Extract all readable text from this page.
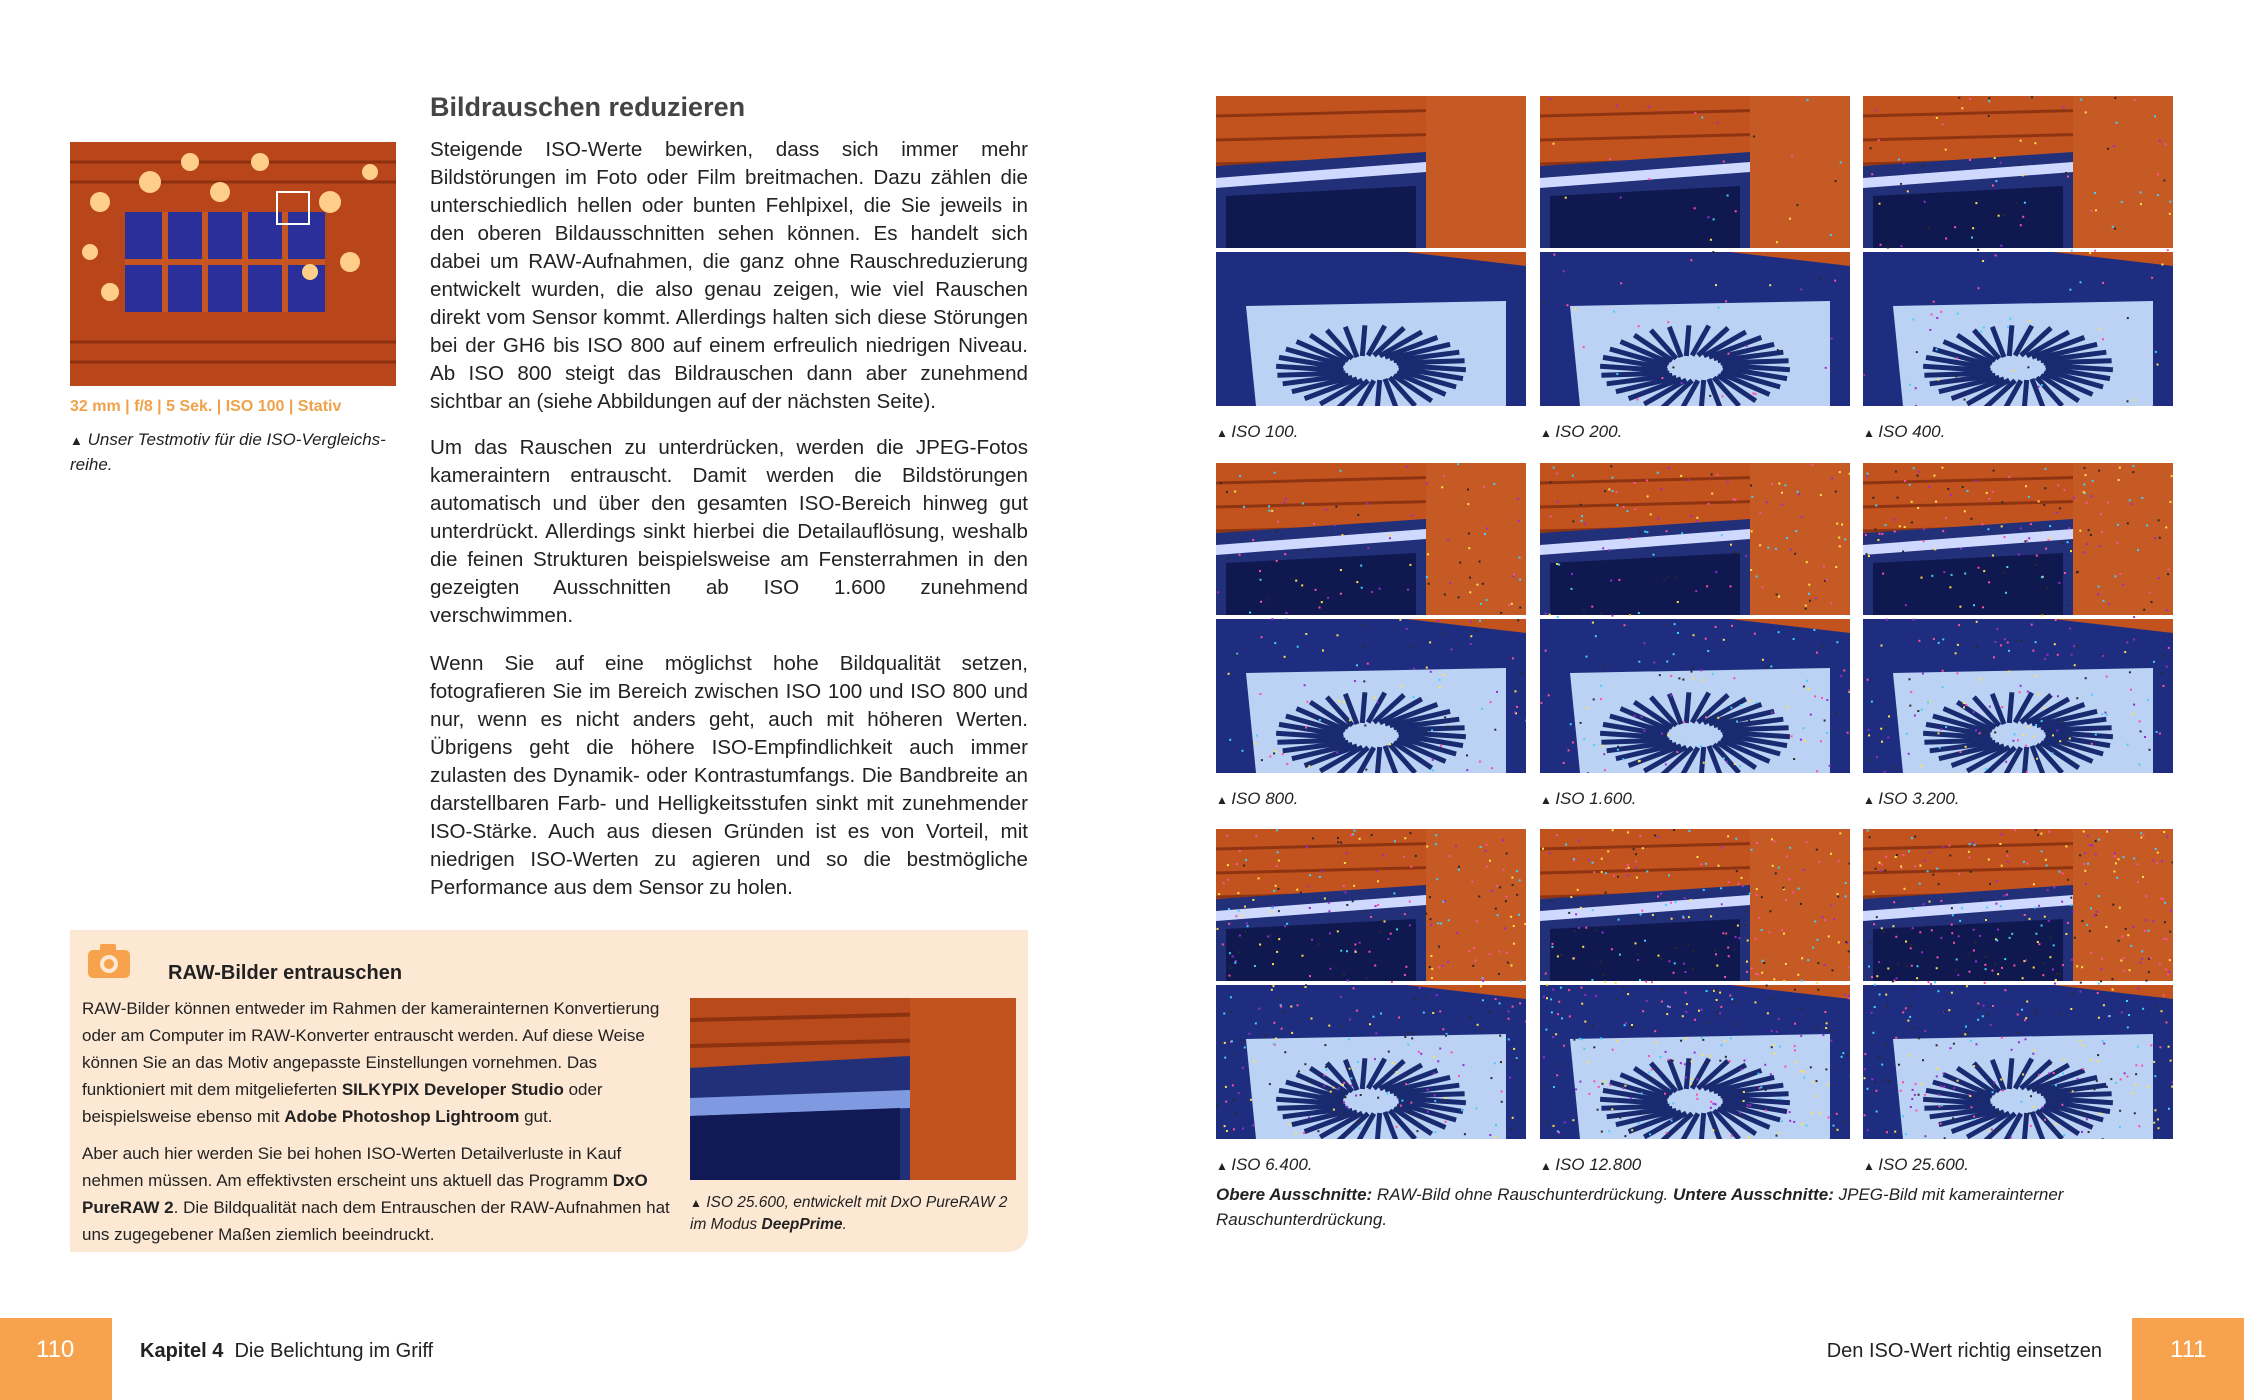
32 mm | f/8 | 5 Sek. | ISO 100 | Stativ
▲ Unser Testmotiv für die ISO-Vergleichs-reihe.
Bildrauschen reduzieren

Steigende ISO-Werte bewirken, dass sich immer mehr Bildstörungen im Foto oder Film breitmachen. Dazu zählen die unterschiedlich hellen oder bunten Fehlpixel, die Sie jeweils in den oberen Bildausschnitten sehen können. Es handelt sich dabei um RAW-Aufnahmen, die ganz ohne Rauschreduzierung entwickelt wurden, die also genau zeigen, wie viel Rauschen direkt vom Sensor kommt. Allerdings halten sich diese Störungen bei der GH6 bis ISO 800 auf einem erfreulich niedrigen Niveau. Ab ISO 800 steigt das Bildrauschen dann aber zunehmend sichtbar an (siehe Abbildungen auf der nächsten Seite).

Um das Rauschen zu unterdrücken, werden die JPEG-Fotos kameraintern entrauscht. Damit werden die Bildstörungen automatisch und über den gesamten ISO-Bereich hinweg gut unterdrückt. Allerdings sinkt hierbei die Detailauflösung, weshalb die feinen Strukturen beispielsweise am Fensterrahmen in den gezeigten Ausschnitten ab ISO 1.600 zunehmend verschwimmen.

Wenn Sie auf eine möglichst hohe Bildqualität setzen, fotografieren Sie im Bereich zwischen ISO 100 und ISO 800 und nur, wenn es nicht anders geht, auch mit höheren Werten. Übrigens geht die höhere ISO-Empfindlichkeit auch immer zulasten des Dynamik- oder Kontrastumfangs. Die Bandbreite an darstellbaren Farb- und Helligkeitsstufen sinkt mit zunehmender ISO-Stärke. Auch aus diesen Gründen ist es von Vorteil, mit niedrigen ISO-Werten zu agieren und so die bestmögliche Performance aus dem Sensor zu holen.

RAW-Bilder entrauschen

RAW-Bilder können entweder im Rahmen der kamerainternen Konvertierung oder am Computer im RAW-Konverter entrauscht werden. Auf diese Weise können Sie an das Motiv angepasste Einstellungen vornehmen. Das funktioniert mit dem mitgelieferten SILKYPIX Developer Studio oder beispielsweise ebenso mit Adobe Photoshop Lightroom gut.

Aber auch hier werden Sie bei hohen ISO-Werten Detailverluste in Kauf nehmen müssen. Am effektivsten erscheint uns aktuell das Programm DxO PureRAW 2. Die Bildqualität nach dem Entrauschen der RAW-Aufnahmen hat uns zugegebener Maßen ziemlich beeindruckt.

▲ ISO 25.600, entwickelt mit DxO PureRAW 2 im Modus DeepPrime.
▲ ISO 100.	▲ ISO 200.	▲ ISO 400.
▲ ISO 800.	▲ ISO 1.600.	▲ ISO 3.200.
▲ ISO 6.400.	▲ ISO 12.800	▲ ISO 25.600.
Obere Ausschnitte: RAW-Bild ohne Rauschunterdrückung. Untere Ausschnitte: JPEG-Bild mit kamerainterner Rauschunterdrückung.
110	Kapitel 4 Die Belichtung im Griff	Den ISO-Wert richtig einsetzen	111
